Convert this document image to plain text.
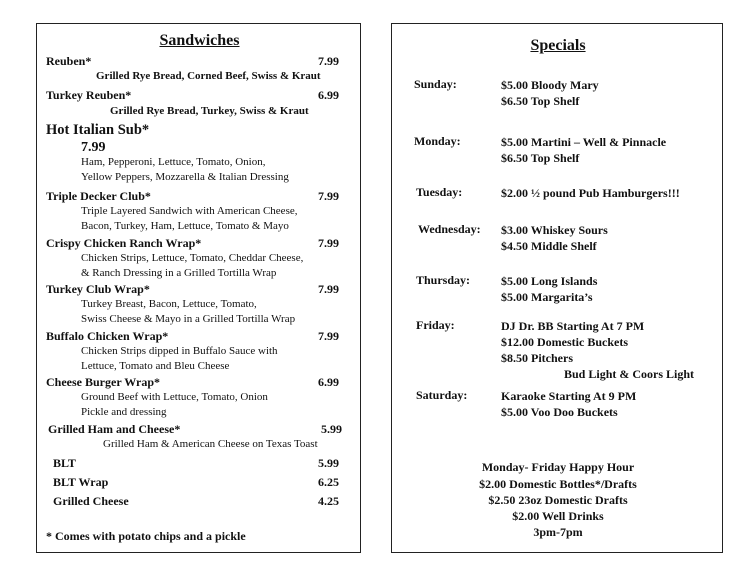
Sandwiches
Reuben*	7.99
Grilled Rye Bread, Corned Beef, Swiss & Kraut
Turkey Reuben*	6.99
Grilled Rye Bread, Turkey, Swiss & Kraut
Hot Italian Sub*
7.99
Ham, Pepperoni, Lettuce, Tomato, Onion,
Yellow Peppers, Mozzarella & Italian Dressing
Triple Decker Club*	7.99
Triple Layered Sandwich with American Cheese,
Bacon, Turkey, Ham, Lettuce, Tomato & Mayo
Crispy Chicken Ranch Wrap*	7.99
Chicken Strips, Lettuce, Tomato, Cheddar Cheese,
& Ranch Dressing in a Grilled Tortilla Wrap
Turkey Club Wrap*	7.99
Turkey Breast, Bacon, Lettuce, Tomato,
Swiss Cheese & Mayo in a Grilled Tortilla Wrap
Buffalo Chicken Wrap*	7.99
Chicken Strips dipped in Buffalo Sauce with
Lettuce, Tomato and Bleu Cheese
Cheese Burger Wrap*	6.99
Ground Beef with Lettuce, Tomato, Onion
Pickle and dressing
Grilled Ham and Cheese*	5.99
Grilled Ham & American Cheese on Texas Toast
BLT	5.99
BLT Wrap	6.25
Grilled Cheese	4.25
* Comes with potato chips and a pickle
Specials
Sunday:	$5.00 Bloody Mary
$6.50 Top Shelf
Monday:	$5.00 Martini – Well & Pinnacle
$6.50 Top Shelf
Tuesday:	$2.00 ½ pound Pub Hamburgers!!!
Wednesday: $3.00 Whiskey Sours
$4.50 Middle Shelf
Thursday:	$5.00 Long Islands
$5.00 Margarita’s
Friday:	DJ Dr. BB Starting At 7 PM
$12.00 Domestic Buckets
$8.50 Pitchers
Bud Light & Coors Light
Saturday:	Karaoke Starting At 9 PM
$5.00 Voo Doo Buckets
Monday- Friday Happy Hour
$2.00 Domestic Bottles*/Drafts
$2.50 23oz Domestic Drafts
$2.00 Well Drinks
3pm-7pm
